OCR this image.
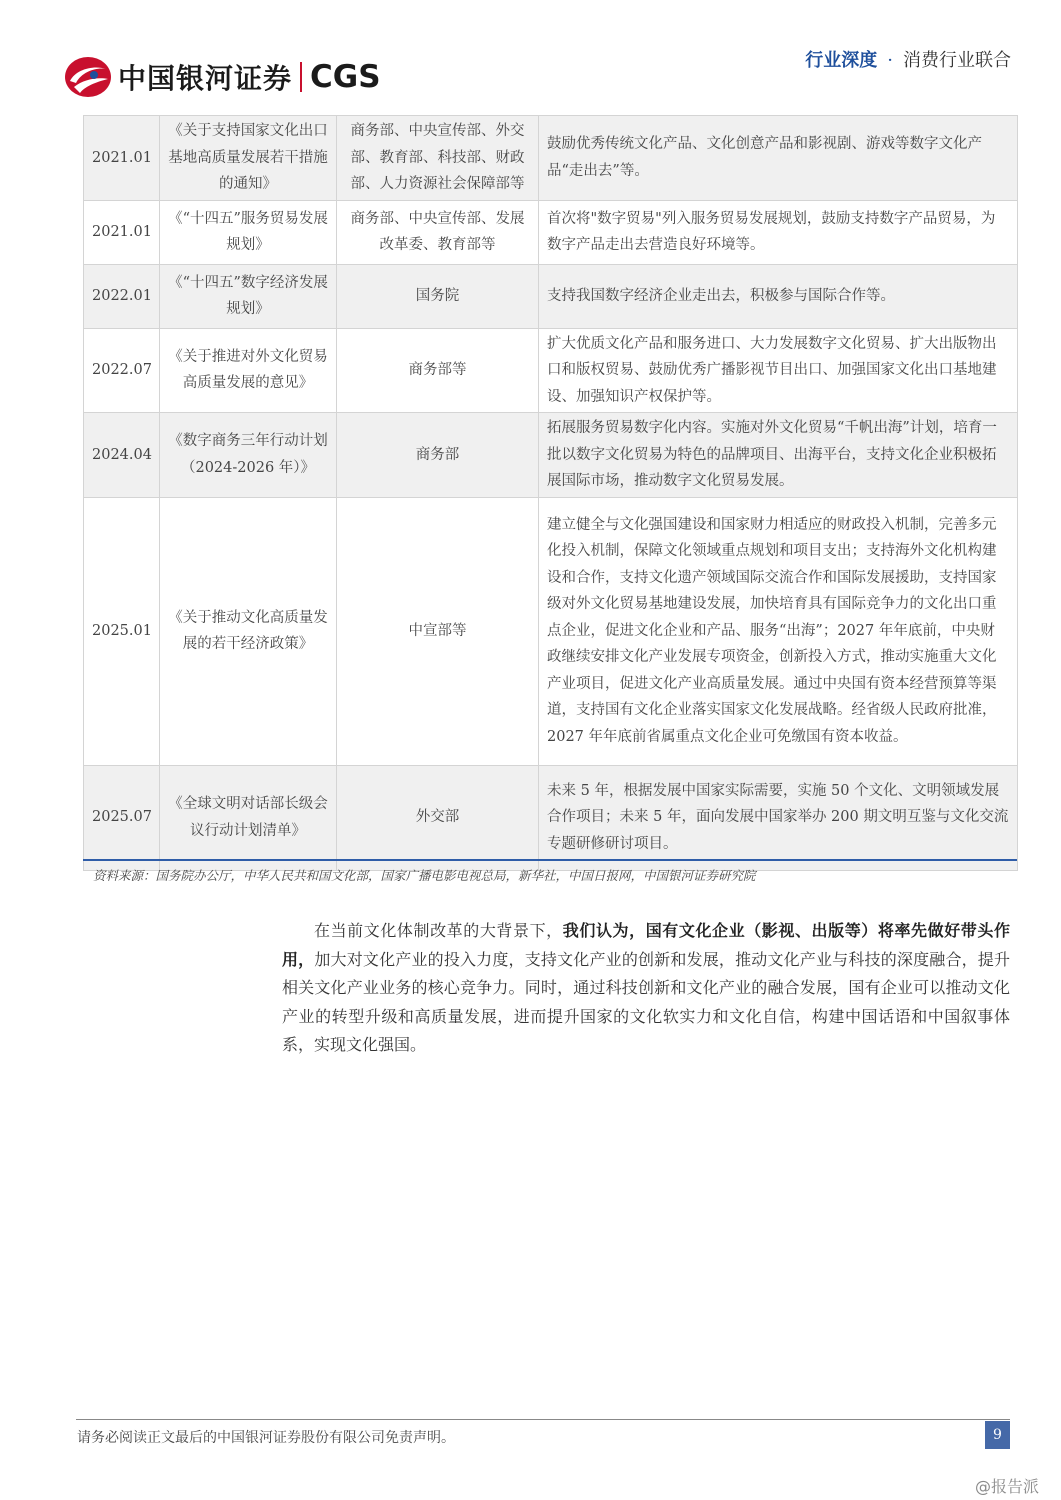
中国银河证券 CGS	行业深度 · 消费行业联合
2021.01	《关于支持国家文化出口基地高质量发展若干措施的通知》	商务部、中央宣传部、外交部、教育部、科技部、财政部、人力资源社会保障部等	鼓励优秀传统文化产品、文化创意产品和影视剧、游戏等数字文化产品“走出去”等。
2021.01	《“十四五”服务贸易发展规划》	商务部、中央宣传部、发展改革委、教育部等	首次将"数字贸易"列入服务贸易发展规划，鼓励支持数字产品贸易，为数字产品走出去营造良好环境等。
2022.01	《“十四五”数字经济发展规划》	国务院	支持我国数字经济企业走出去，积极参与国际合作等。
2022.07	《关于推进对外文化贸易高质量发展的意见》	商务部等	扩大优质文化产品和服务进口、大力发展数字文化贸易、扩大出版物出口和版权贸易、鼓励优秀广播影视节目出口、加强国家文化出口基地建设、加强知识产权保护等。
2024.04	《数字商务三年行动计划（2024-2026 年）》	商务部	拓展服务贸易数字化内容。实施对外文化贸易“千帆出海”计划，培育一批以数字文化贸易为特色的品牌项目、出海平台，支持文化企业积极拓展国际市场，推动数字文化贸易发展。
2025.01	《关于推动文化高质量发展的若干经济政策》	中宣部等	建立健全与文化强国建设和国家财力相适应的财政投入机制，完善多元化投入机制，保障文化领域重点规划和项目支出；支持海外文化机构建设和合作，支持文化遗产领域国际交流合作和国际发展援助，支持国家级对外文化贸易基地建设发展，加快培育具有国际竞争力的文化出口重点企业，促进文化企业和产品、服务“出海”；2027 年年底前，中央财政继续安排文化产业发展专项资金，创新投入方式，推动实施重大文化产业项目，促进文化产业高质量发展。通过中央国有资本经营预算等渠道，支持国有文化企业落实国家文化发展战略。经省级人民政府批准，2027 年年底前省属重点文化企业可免缴国有资本收益。
2025.07	《全球文明对话部长级会议行动计划清单》	外交部	未来 5 年，根据发展中国家实际需要，实施 50 个文化、文明领域发展合作项目；未来 5 年，面向发展中国家举办 200 期文明互鉴与文化交流专题研修研讨项目。
资料来源：国务院办公厅，中华人民共和国文化部，国家广播电影电视总局，新华社，中国日报网，中国银河证券研究院

在当前文化体制改革的大背景下，我们认为，国有文化企业（影视、出版等）将率先做好带头作用，加大对文化产业的投入力度，支持文化产业的创新和发展，推动文化产业与科技的深度融合，提升相关文化产业业务的核心竞争力。同时，通过科技创新和文化产业的融合发展，国有企业可以推动文化产业的转型升级和高质量发展，进而提升国家的文化软实力和文化自信，构建中国话语和中国叙事体系，实现文化强国。

请务必阅读正文最后的中国银河证券股份有限公司免责声明。	9
@报告派
